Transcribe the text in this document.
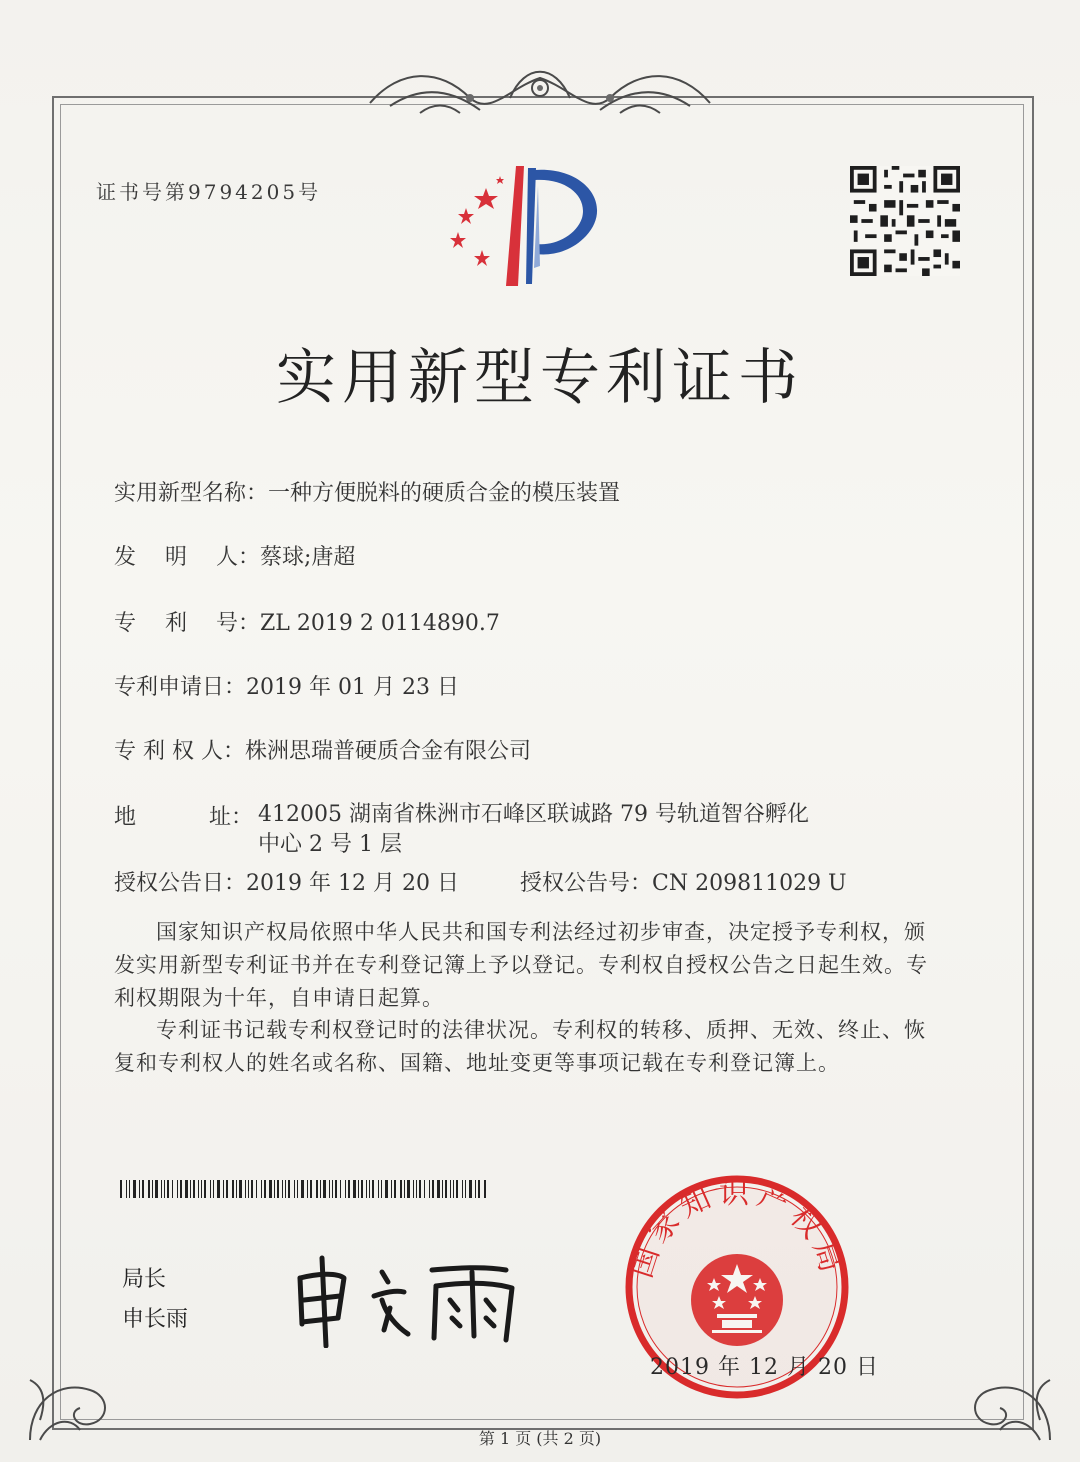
证书号第9794205号
实用新型专利证书
实用新型名称：一种方便脱料的硬质合金的模压装置
发　 明　 人：蔡球;唐超
专　 利　 号：ZL 2019 2 0114890.7
专利申请日：2019 年 01 月 23 日
专 利 权 人：株洲思瑞普硬质合金有限公司
地　　　 址： 412005 湖南省株洲市石峰区联诚路 79 号轨道智谷孵化中心 2 号 1 层
授权公告日：2019 年 12 月 20 日	授权公告号：CN 209811029 U
国家知识产权局依照中华人民共和国专利法经过初步审查，决定授予专利权，颁发实用新型专利证书并在专利登记簿上予以登记。专利权自授权公告之日起生效。专利权期限为十年，自申请日起算。
专利证书记载专利权登记时的法律状况。专利权的转移、质押、无效、终止、恢复和专利权人的姓名或名称、国籍、地址变更等事项记载在专利登记簿上。
局长
申长雨
国家知识产权局
2019 年 12 月 20 日
第 1 页 (共 2 页)
